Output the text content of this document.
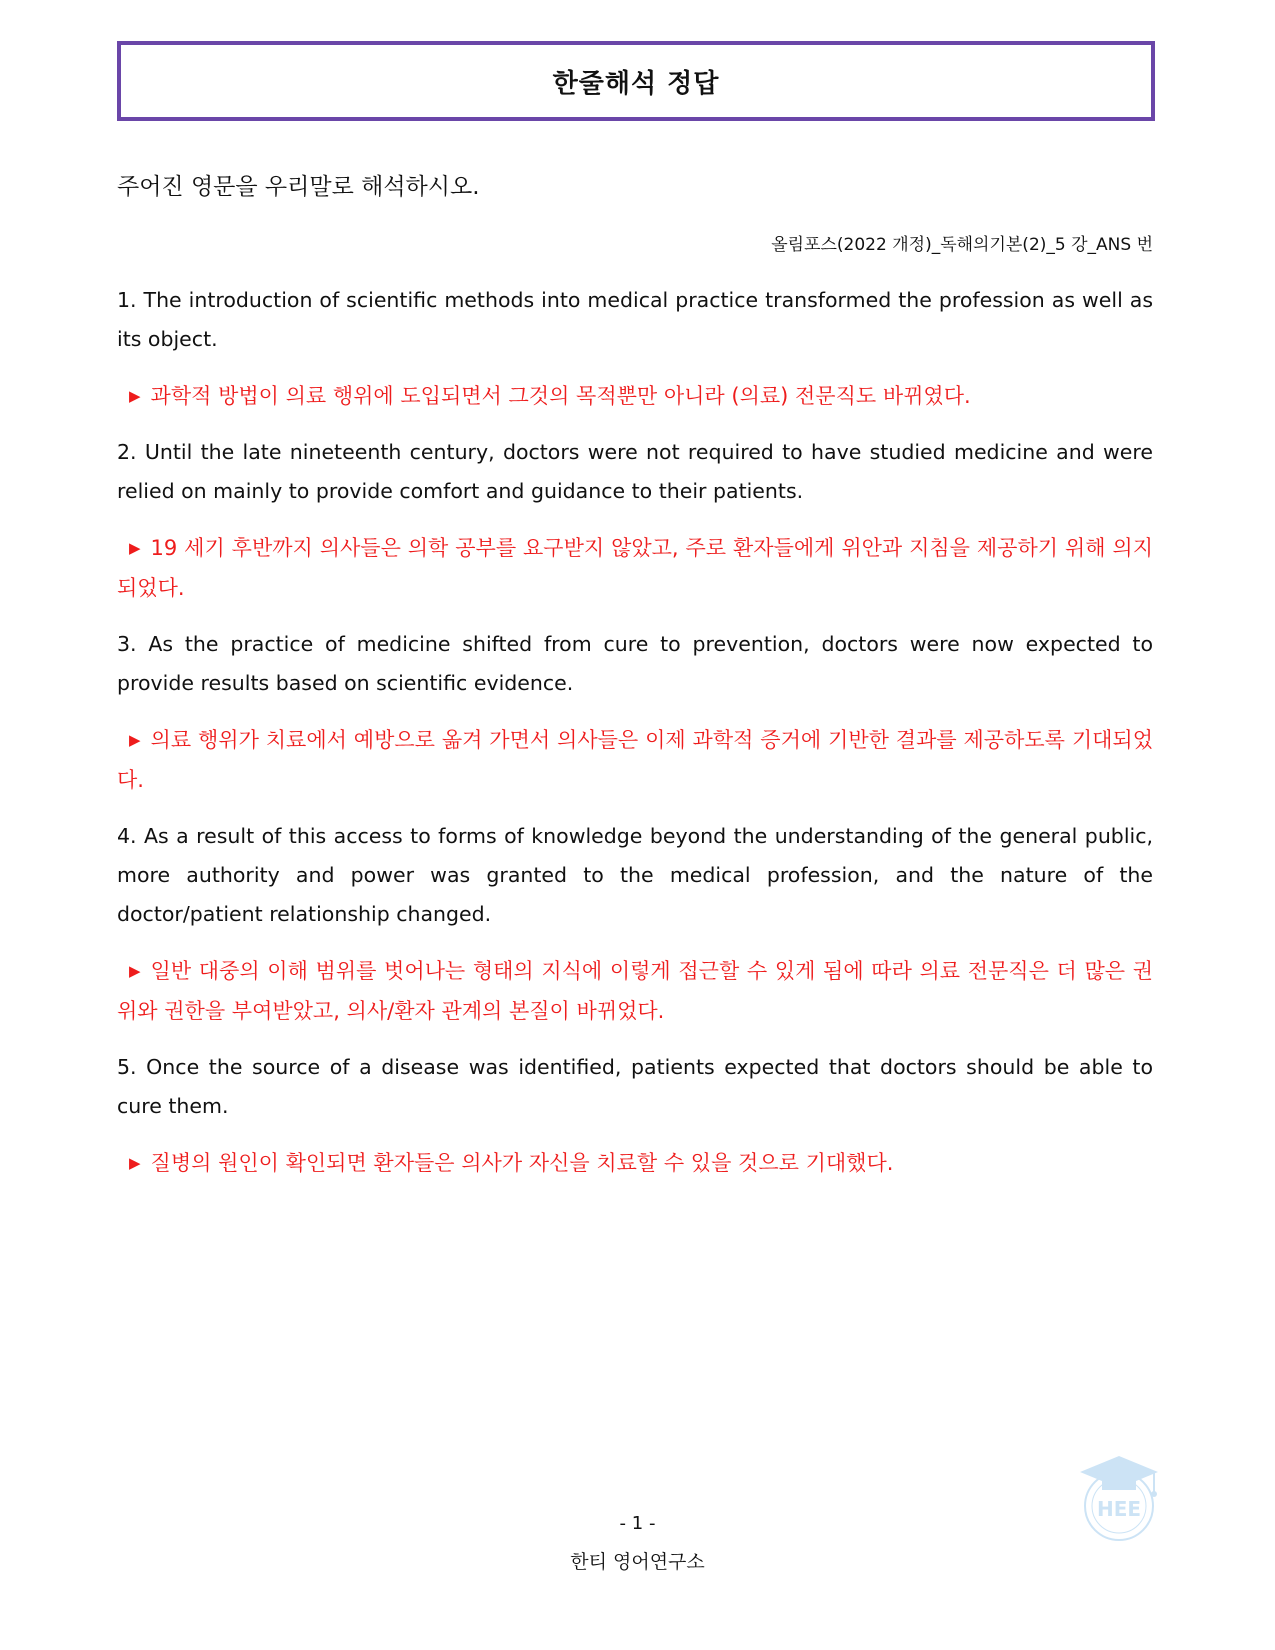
한줄해석 정답
주어진 영문을 우리말로 해석하시오.
올림포스(2022 개정)_독해의기본(2)_5 강_ANS 번

1. The introduction of scientific methods into medical practice transformed the profession as well as its object.

▶ 과학적 방법이 의료 행위에 도입되면서 그것의 목적뿐만 아니라 (의료) 전문직도 바뀌였다.

2. Until the late nineteenth century, doctors were not required to have studied medicine and were relied on mainly to provide comfort and guidance to their patients.

▶ 19 세기 후반까지 의사들은 의학 공부를 요구받지 않았고, 주로 환자들에게 위안과 지침을 제공하기 위해 의지되었다.

3. As the practice of medicine shifted from cure to prevention, doctors were now expected to provide results based on scientific evidence.

▶ 의료 행위가 치료에서 예방으로 옮겨 가면서 의사들은 이제 과학적 증거에 기반한 결과를 제공하도록 기대되었다.

4. As a result of this access to forms of knowledge beyond the understanding of the general public, more authority and power was granted to the medical profession, and the nature of the doctor/patient relationship changed.

▶ 일반 대중의 이해 범위를 벗어나는 형태의 지식에 이렇게 접근할 수 있게 됨에 따라 의료 전문직은 더 많은 권위와 권한을 부여받았고, 의사/환자 관계의 본질이 바뀌었다.

5. Once the source of a disease was identified, patients expected that doctors should be able to cure them.

▶ 질병의 원인이 확인되면 환자들은 의사가 자신을 치료할 수 있을 것으로 기대했다.

HEE
- 1 -
한티 영어연구소
